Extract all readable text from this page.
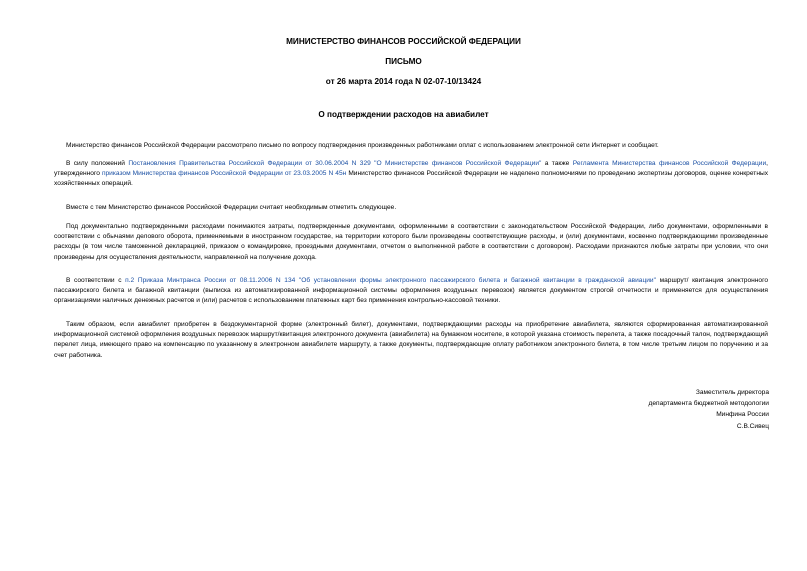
МИНИСТЕРСТВО ФИНАНСОВ РОССИЙСКОЙ ФЕДЕРАЦИИ
ПИСЬМО
от 26 марта 2014 года N 02-07-10/13424
О подтверждении расходов на авиабилет

Министерство финансов Российской Федерации рассмотрело письмо по вопросу подтверждения произведенных работниками оплат с использованием электронной сети Интернет и сообщает.

В силу положений Постановления Правительства Российской Федерации от 30.06.2004 N 329 "О Министерстве финансов Российской Федерации" а также Регламента Министерства финансов Российской Федерации, утвержденного приказом Министерства финансов Российской Федерации от 23.03.2005 N 45н Министерство финансов Российской Федерации не наделено полномочиями по проведению экспертизы договоров, оценке конкретных хозяйственных операций.

Вместе с тем Министерство финансов Российской Федерации считает необходимым отметить следующее.

Под документально подтвержденными расходами понимаются затраты, подтвержденные документами, оформленными в соответствии с законодательством Российской Федерации, либо документами, оформленными в соответствии с обычаями делового оборота, применяемыми в иностранном государстве, на территории которого были произведены соответствующие расходы, и (или) документами, косвенно подтверждающими произведенные расходы (в том числе таможенной декларацией, приказом о командировке, проездными документами, отчетом о выполненной работе в соответствии с договором). Расходами признаются любые затраты при условии, что они произведены для осуществления деятельности, направленной на получение дохода.

В соответствии с п.2 Приказа Минтранса России от 08.11.2006 N 134 "Об установлении формы электронного пассажирского билета и багажной квитанции в гражданской авиации" маршрут/ квитанция электронного пассажирского билета и багажной квитанции (выписка из автоматизированной информационной системы оформления воздушных перевозок) является документом строгой отчетности и применяется для осуществления организациями наличных денежных расчетов и (или) расчетов с использованием платежных карт без применения контрольно-кассовой техники.

Таким образом, если авиабилет приобретен в бездокументарной форме (электронный билет), документами, подтверждающими расходы на приобретение авиабилета, являются сформированная автоматизированной информационной системой оформления воздушных перевозок маршрут/квитанция электронного документа (авиабилета) на бумажном носителе, в которой указана стоимость перелета, а также посадочный талон, подтверждающий перелет лица, имеющего право на компенсацию по указанному в электронном авиабилете маршруту, а также документы, подтверждающие оплату работником электронного билета, в том числе третьим лицом по поручению и за счет работника.

Заместитель директора
департамента бюджетной методологии
Минфина России
С.В.Сивец
